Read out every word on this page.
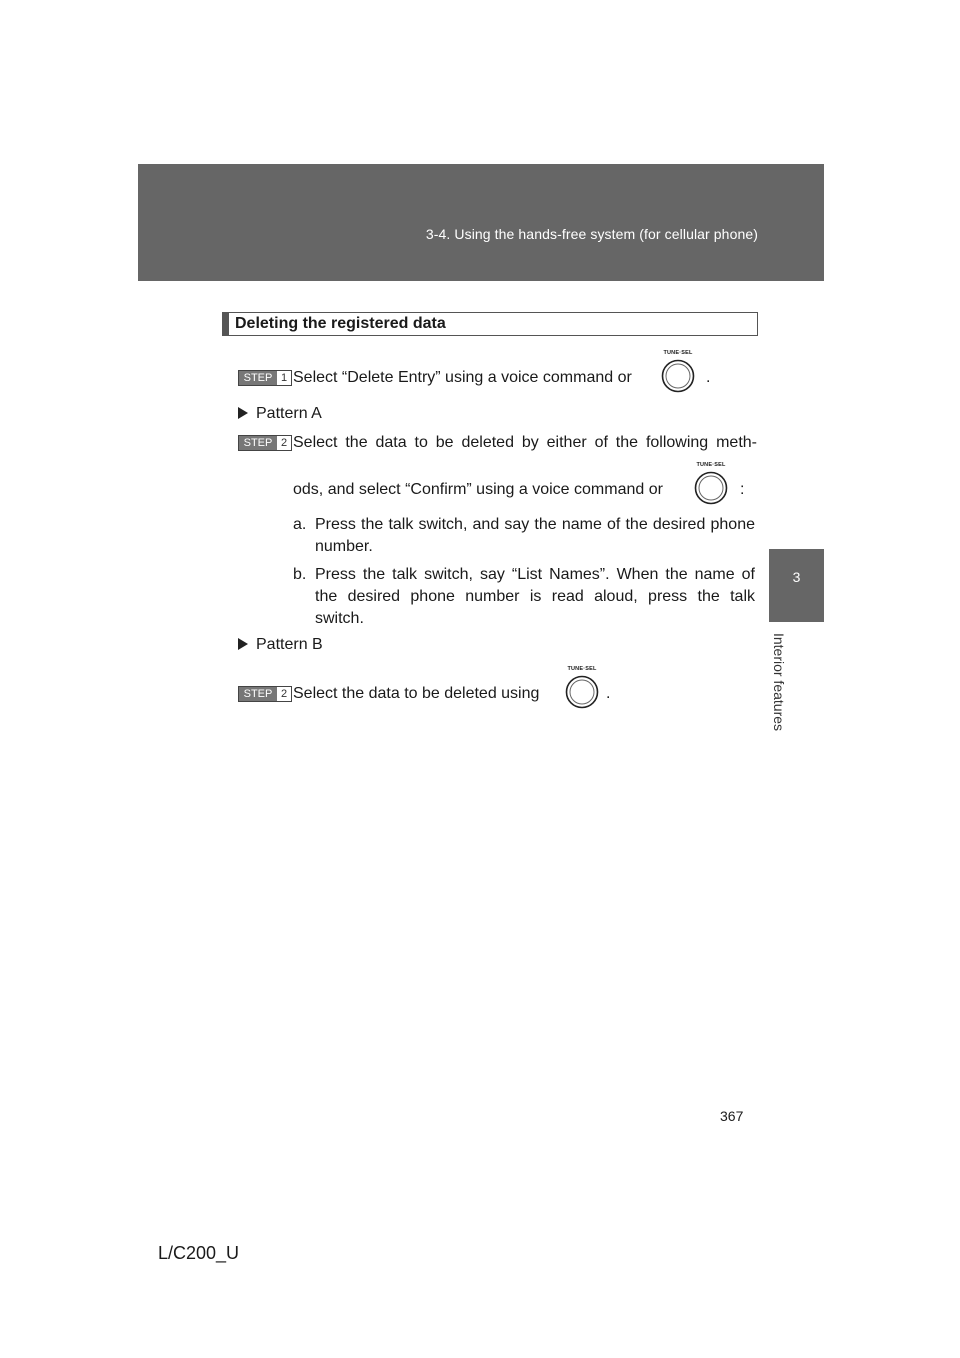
3-4. Using the hands-free system (for cellular phone)
3
Interior features
Deleting the registered data
STEP 1 Select “Delete Entry” using a voice command or
TUNE·SEL
.
Pattern A
STEP 2 Select the data to be deleted by either of the following meth-
ods, and select “Confirm” using a voice command or
TUNE·SEL
:
a. Press the talk switch, and say the name of the desired phone number.
b. Press the talk switch, say “List Names”. When the name of the desired phone number is read aloud, press the talk switch.
Pattern B
STEP 2 Select the data to be deleted using
TUNE·SEL
.
367
L/C200_U
